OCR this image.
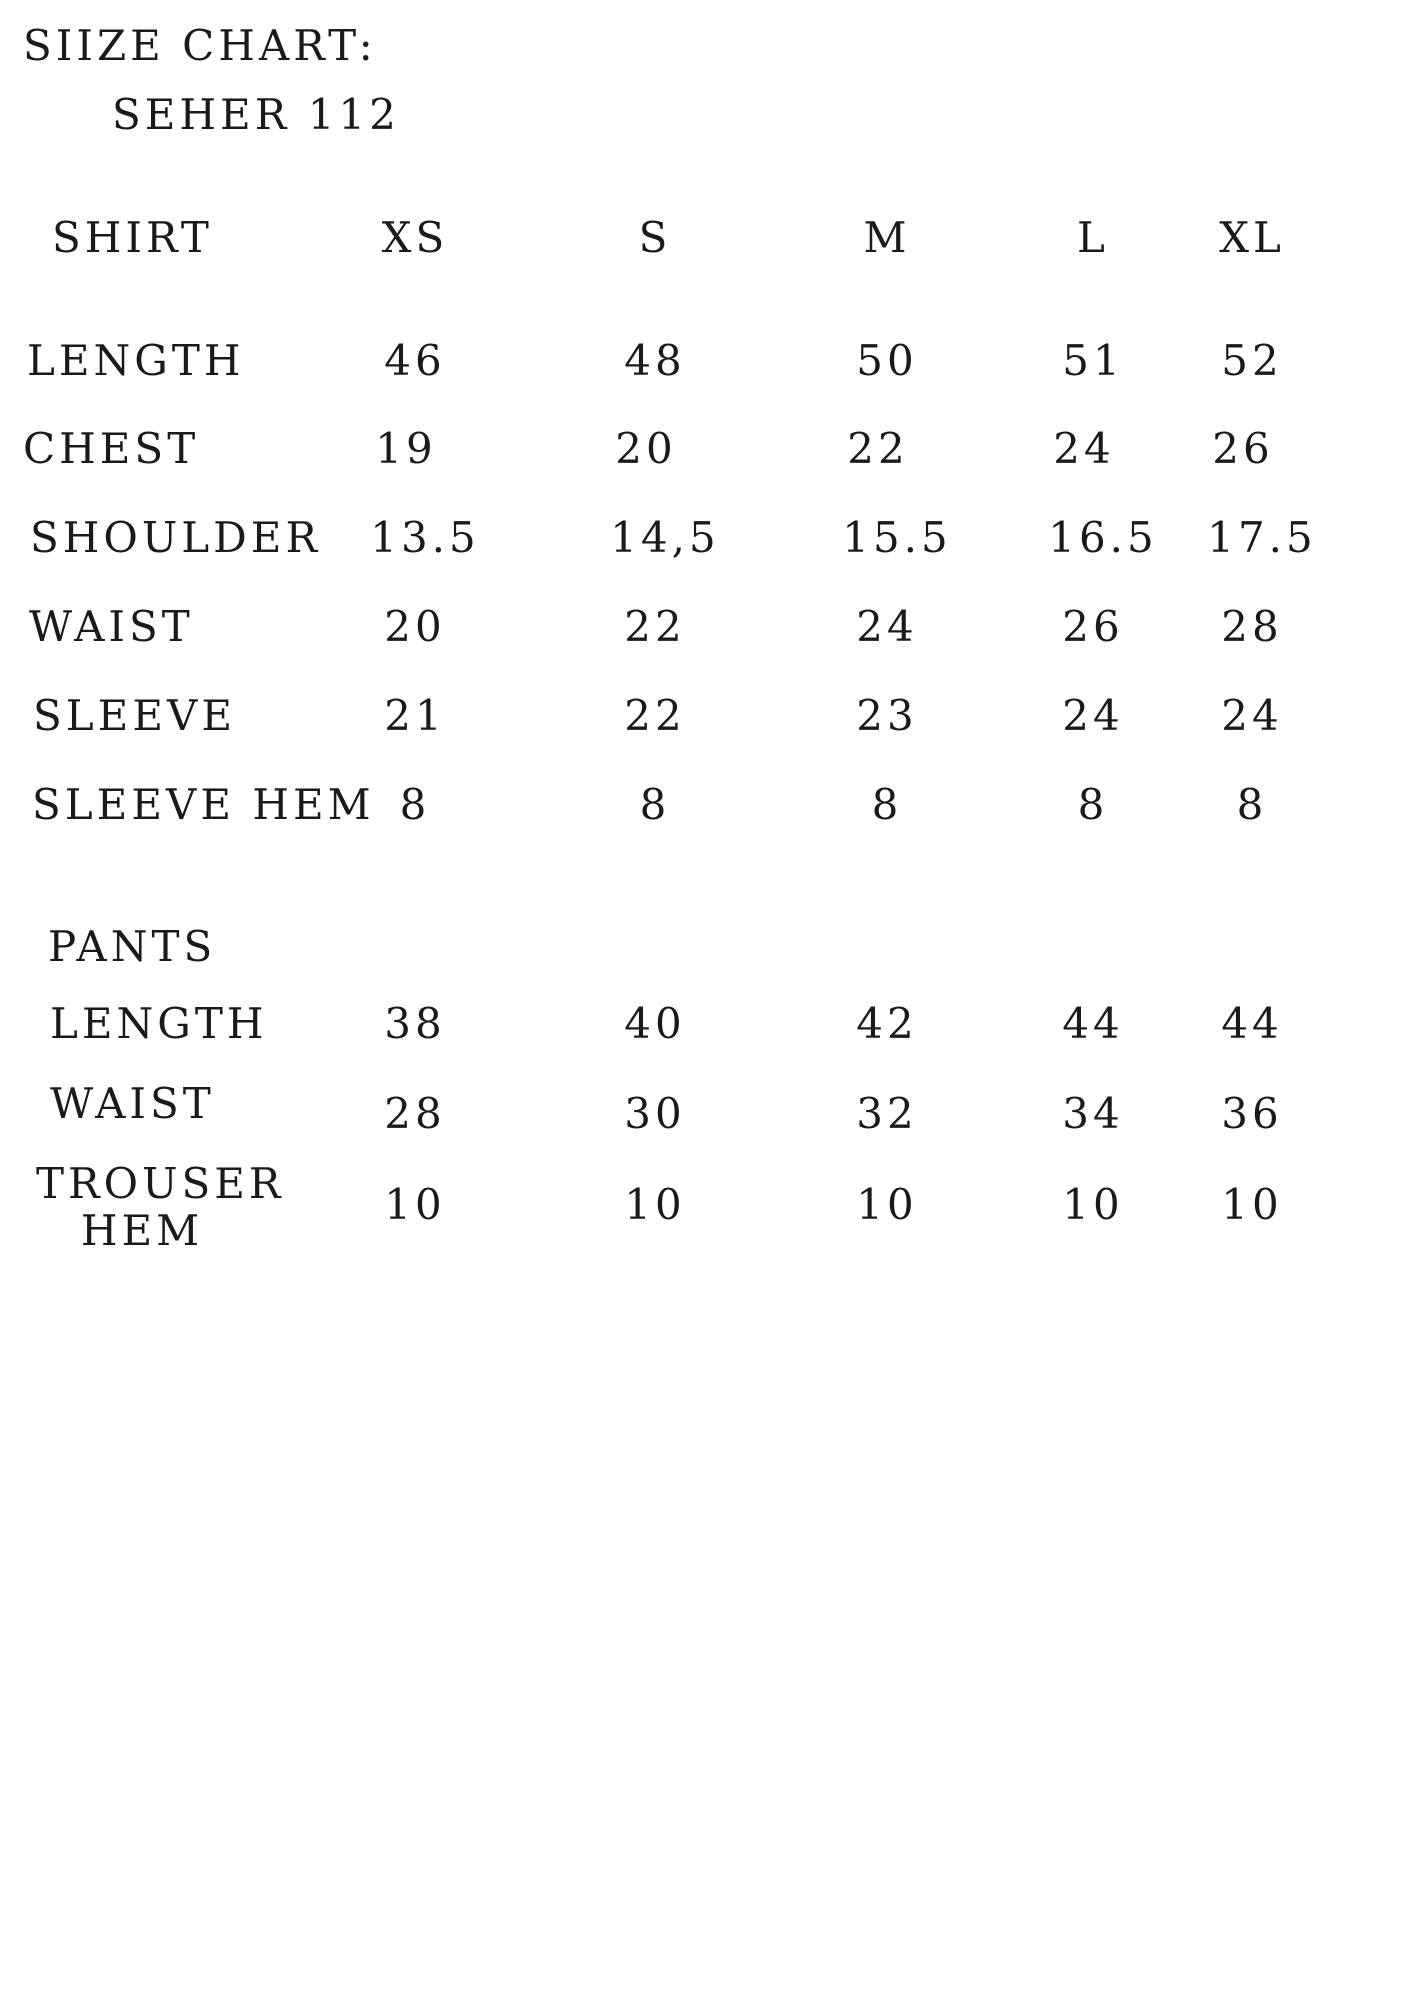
SIIZE CHART:
SEHER 112
SHIRT	XS	S	M	L	XL
LENGTH	46	48	50	51 52
CHEST	19	20	22	24 26
SHOULDER 13.5	14,5	15.5 16.5 17.5
WAIST	20	22	24	26 28
SLEEVE	21	22	23	24 24
SLEEVE HEM 8	8	8	8	8
PANTS
LENGTH	38	40	42	44 44
WAIST	28	30	32	34 36
TROUSER
HEM
10	10	10	10 10
